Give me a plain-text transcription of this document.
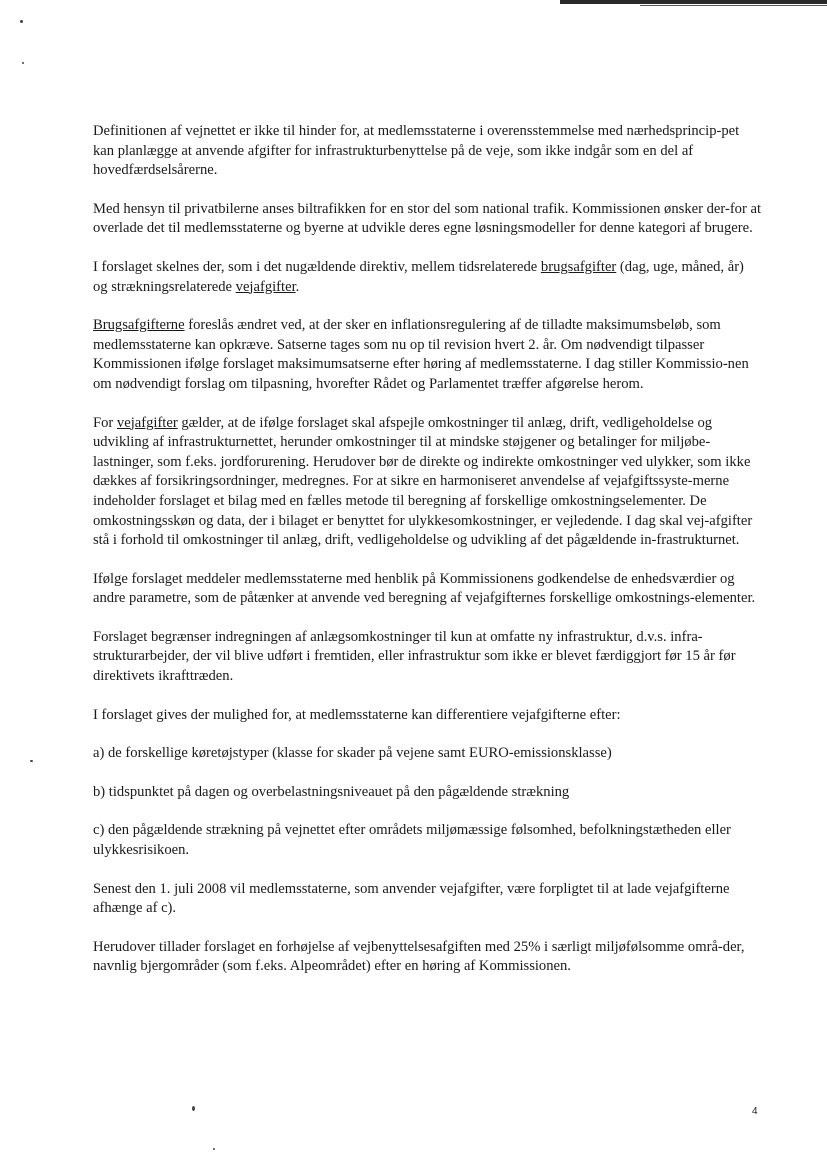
Definitionen af vejnettet er ikke til hinder for, at medlemsstaterne i overensstemmelse med nærhedsprincip-pet kan planlægge at anvende afgifter for infrastrukturbenyttelse på de veje, som ikke indgår som en del af hovedfærdselsårerne.

Med hensyn til privatbilerne anses biltrafikken for en stor del som national trafik. Kommissionen ønsker der-for at overlade det til medlemsstaterne og byerne at udvikle deres egne løsningsmodeller for denne kategori af brugere.

I forslaget skelnes der, som i det nugældende direktiv, mellem tidsrelaterede brugsafgifter (dag, uge, måned, år) og strækningsrelaterede vejafgifter.

Brugsafgifterne foreslås ændret ved, at der sker en inflationsregulering af de tilladte maksimumsbeløb, som medlemsstaterne kan opkræve. Satserne tages som nu op til revision hvert 2. år. Om nødvendigt tilpasser Kommissionen ifølge forslaget maksimumsatserne efter høring af medlemsstaterne. I dag stiller Kommissio-nen om nødvendigt forslag om tilpasning, hvorefter Rådet og Parlamentet træffer afgørelse herom.

For vejafgifter gælder, at de ifølge forslaget skal afspejle omkostninger til anlæg, drift, vedligeholdelse og udvikling af infrastrukturnettet, herunder omkostninger til at mindske støjgener og betalinger for miljøbe-lastninger, som f.eks. jordforurening. Herudover bør de direkte og indirekte omkostninger ved ulykker, som ikke dækkes af forsikringsordninger, medregnes. For at sikre en harmoniseret anvendelse af vejafgiftssyste-merne indeholder forslaget et bilag med en fælles metode til beregning af forskellige omkostningselementer. De omkostningsskøn og data, der i bilaget er benyttet for ulykkesomkostninger, er vejledende. I dag skal vej-afgifter stå i forhold til omkostninger til anlæg, drift, vedligeholdelse og udvikling af det pågældende in-frastrukturnet.

Ifølge forslaget meddeler medlemsstaterne med henblik på Kommissionens godkendelse de enhedsværdier og andre parametre, som de påtænker at anvende ved beregning af vejafgifternes forskellige omkostnings-elementer.

Forslaget begrænser indregningen af anlægsomkostninger til kun at omfatte ny infrastruktur, d.v.s. infra-strukturarbejder, der vil blive udført i fremtiden, eller infrastruktur som ikke er blevet færdiggjort før 15 år før direktivets ikrafttræden.

I forslaget gives der mulighed for, at medlemsstaterne kan differentiere vejafgifterne efter:

a) de forskellige køretøjstyper (klasse for skader på vejene samt EURO-emissionsklasse)

b) tidspunktet på dagen og overbelastningsniveauet på den pågældende strækning

c) den pågældende strækning på vejnettet efter områdets miljømæssige følsomhed, befolkningstætheden eller ulykkesrisikoen.

Senest den 1. juli 2008 vil medlemsstaterne, som anvender vejafgifter, være forpligtet til at lade vejafgifterne afhænge af c).

Herudover tillader forslaget en forhøjelse af vejbenyttelsesafgiften med 25% i særligt miljøfølsomme områ-der, navnlig bjergområder (som f.eks. Alpeområdet) efter en høring af Kommissionen.

4
